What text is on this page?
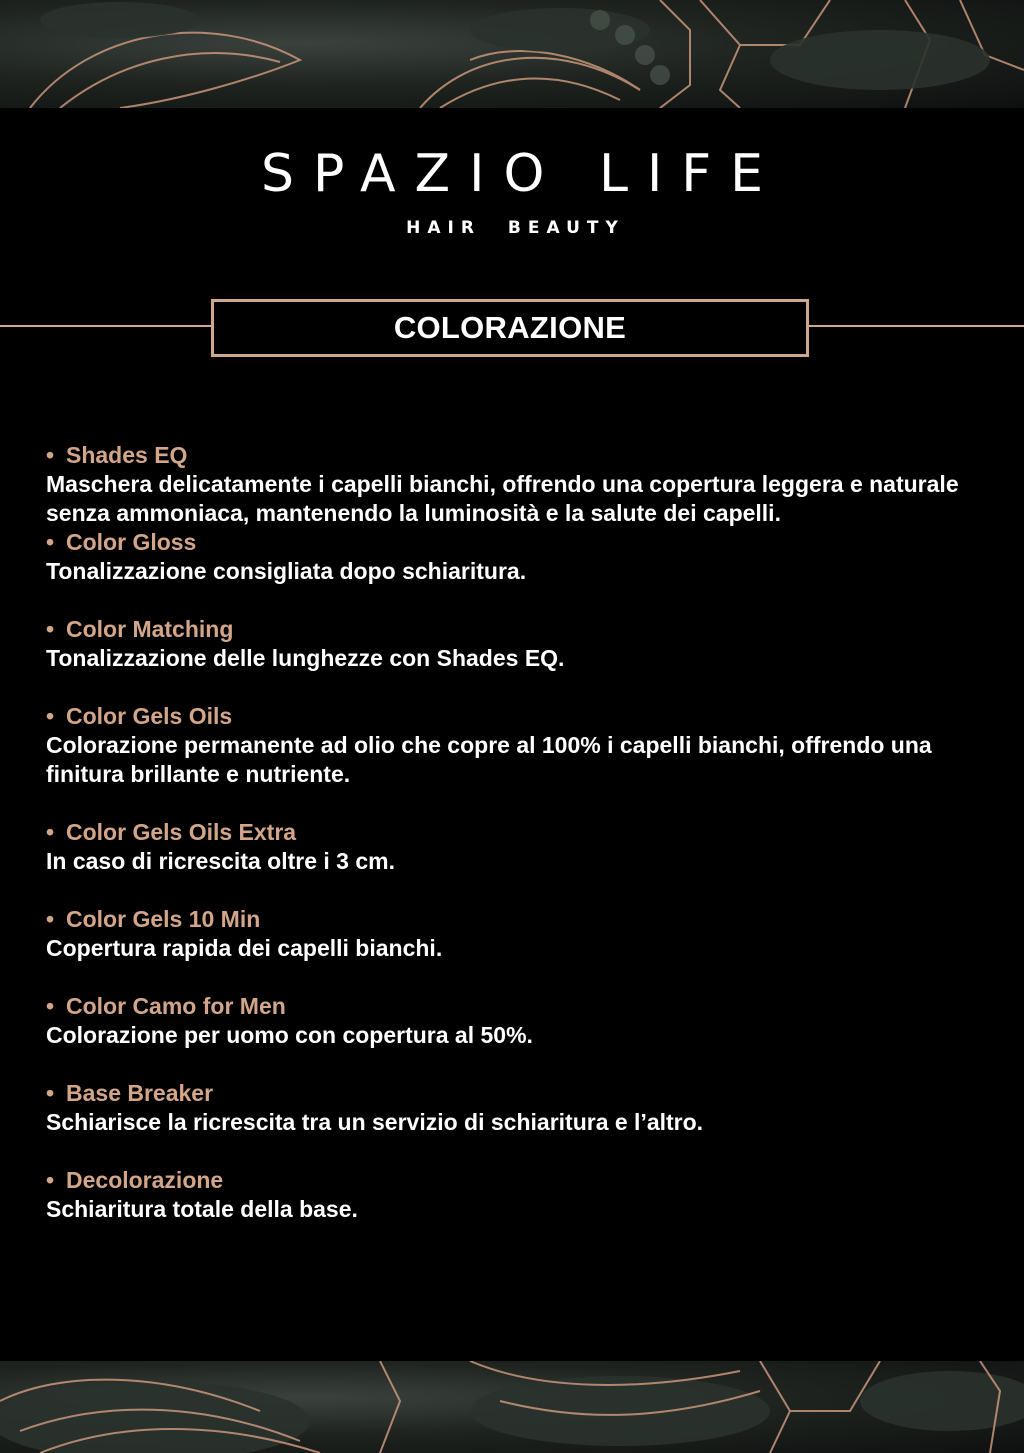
SPAZIO LIFE
HAIR BEAUTY
COLORAZIONE
• Shades EQ
Maschera delicatamente i capelli bianchi, offrendo una copertura leggera e naturale senza ammoniaca, mantenendo la luminosità e la salute dei capelli.
• Color Gloss
Tonalizzazione consigliata dopo schiaritura.
• Color Matching
Tonalizzazione delle lunghezze con Shades EQ.
• Color Gels Oils
Colorazione permanente ad olio che copre al 100% i capelli bianchi, offrendo una finitura brillante e nutriente.
• Color Gels Oils Extra
In caso di ricrescita oltre i 3 cm.
• Color Gels 10 Min
Copertura rapida dei capelli bianchi.
• Color Camo for Men
Colorazione per uomo con copertura al 50%.
• Base Breaker
Schiarisce la ricrescita tra un servizio di schiaritura e l’altro.
• Decolorazione
Schiaritura totale della base.
